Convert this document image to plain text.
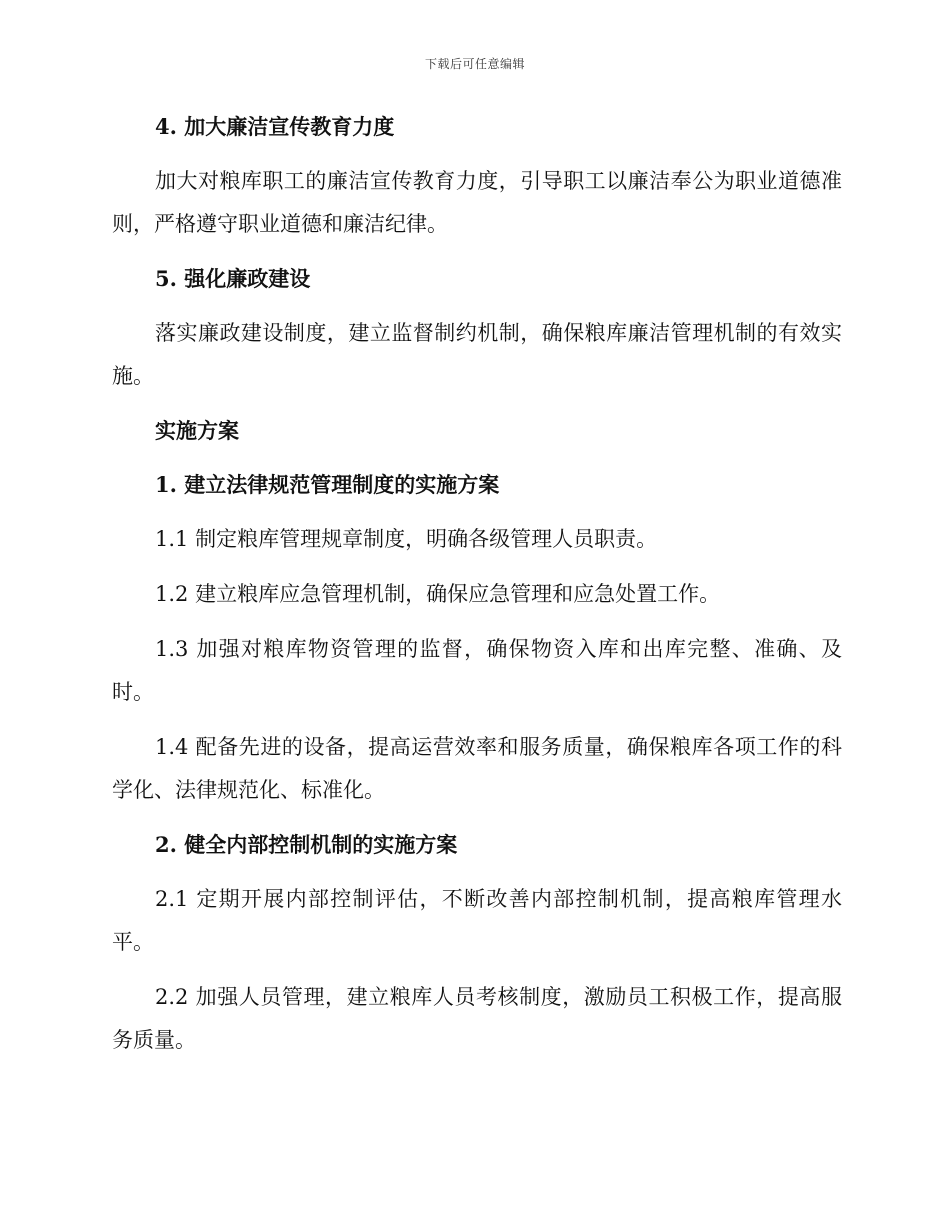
下载后可任意编辑

4. 加大廉洁宣传教育力度

加大对粮库职工的廉洁宣传教育力度，引导职工以廉洁奉公为职业道德准则，严格遵守职业道德和廉洁纪律。

5. 强化廉政建设

落实廉政建设制度，建立监督制约机制，确保粮库廉洁管理机制的有效实施。

实施方案

1. 建立法律规范管理制度的实施方案

1.1 制定粮库管理规章制度，明确各级管理人员职责。

1.2 建立粮库应急管理机制，确保应急管理和应急处置工作。

1.3 加强对粮库物资管理的监督，确保物资入库和出库完整、准确、及时。

1.4 配备先进的设备，提高运营效率和服务质量，确保粮库各项工作的科学化、法律规范化、标准化。

2. 健全内部控制机制的实施方案

2.1 定期开展内部控制评估，不断改善内部控制机制，提高粮库管理水平。

2.2 加强人员管理，建立粮库人员考核制度，激励员工积极工作，提高服务质量。
